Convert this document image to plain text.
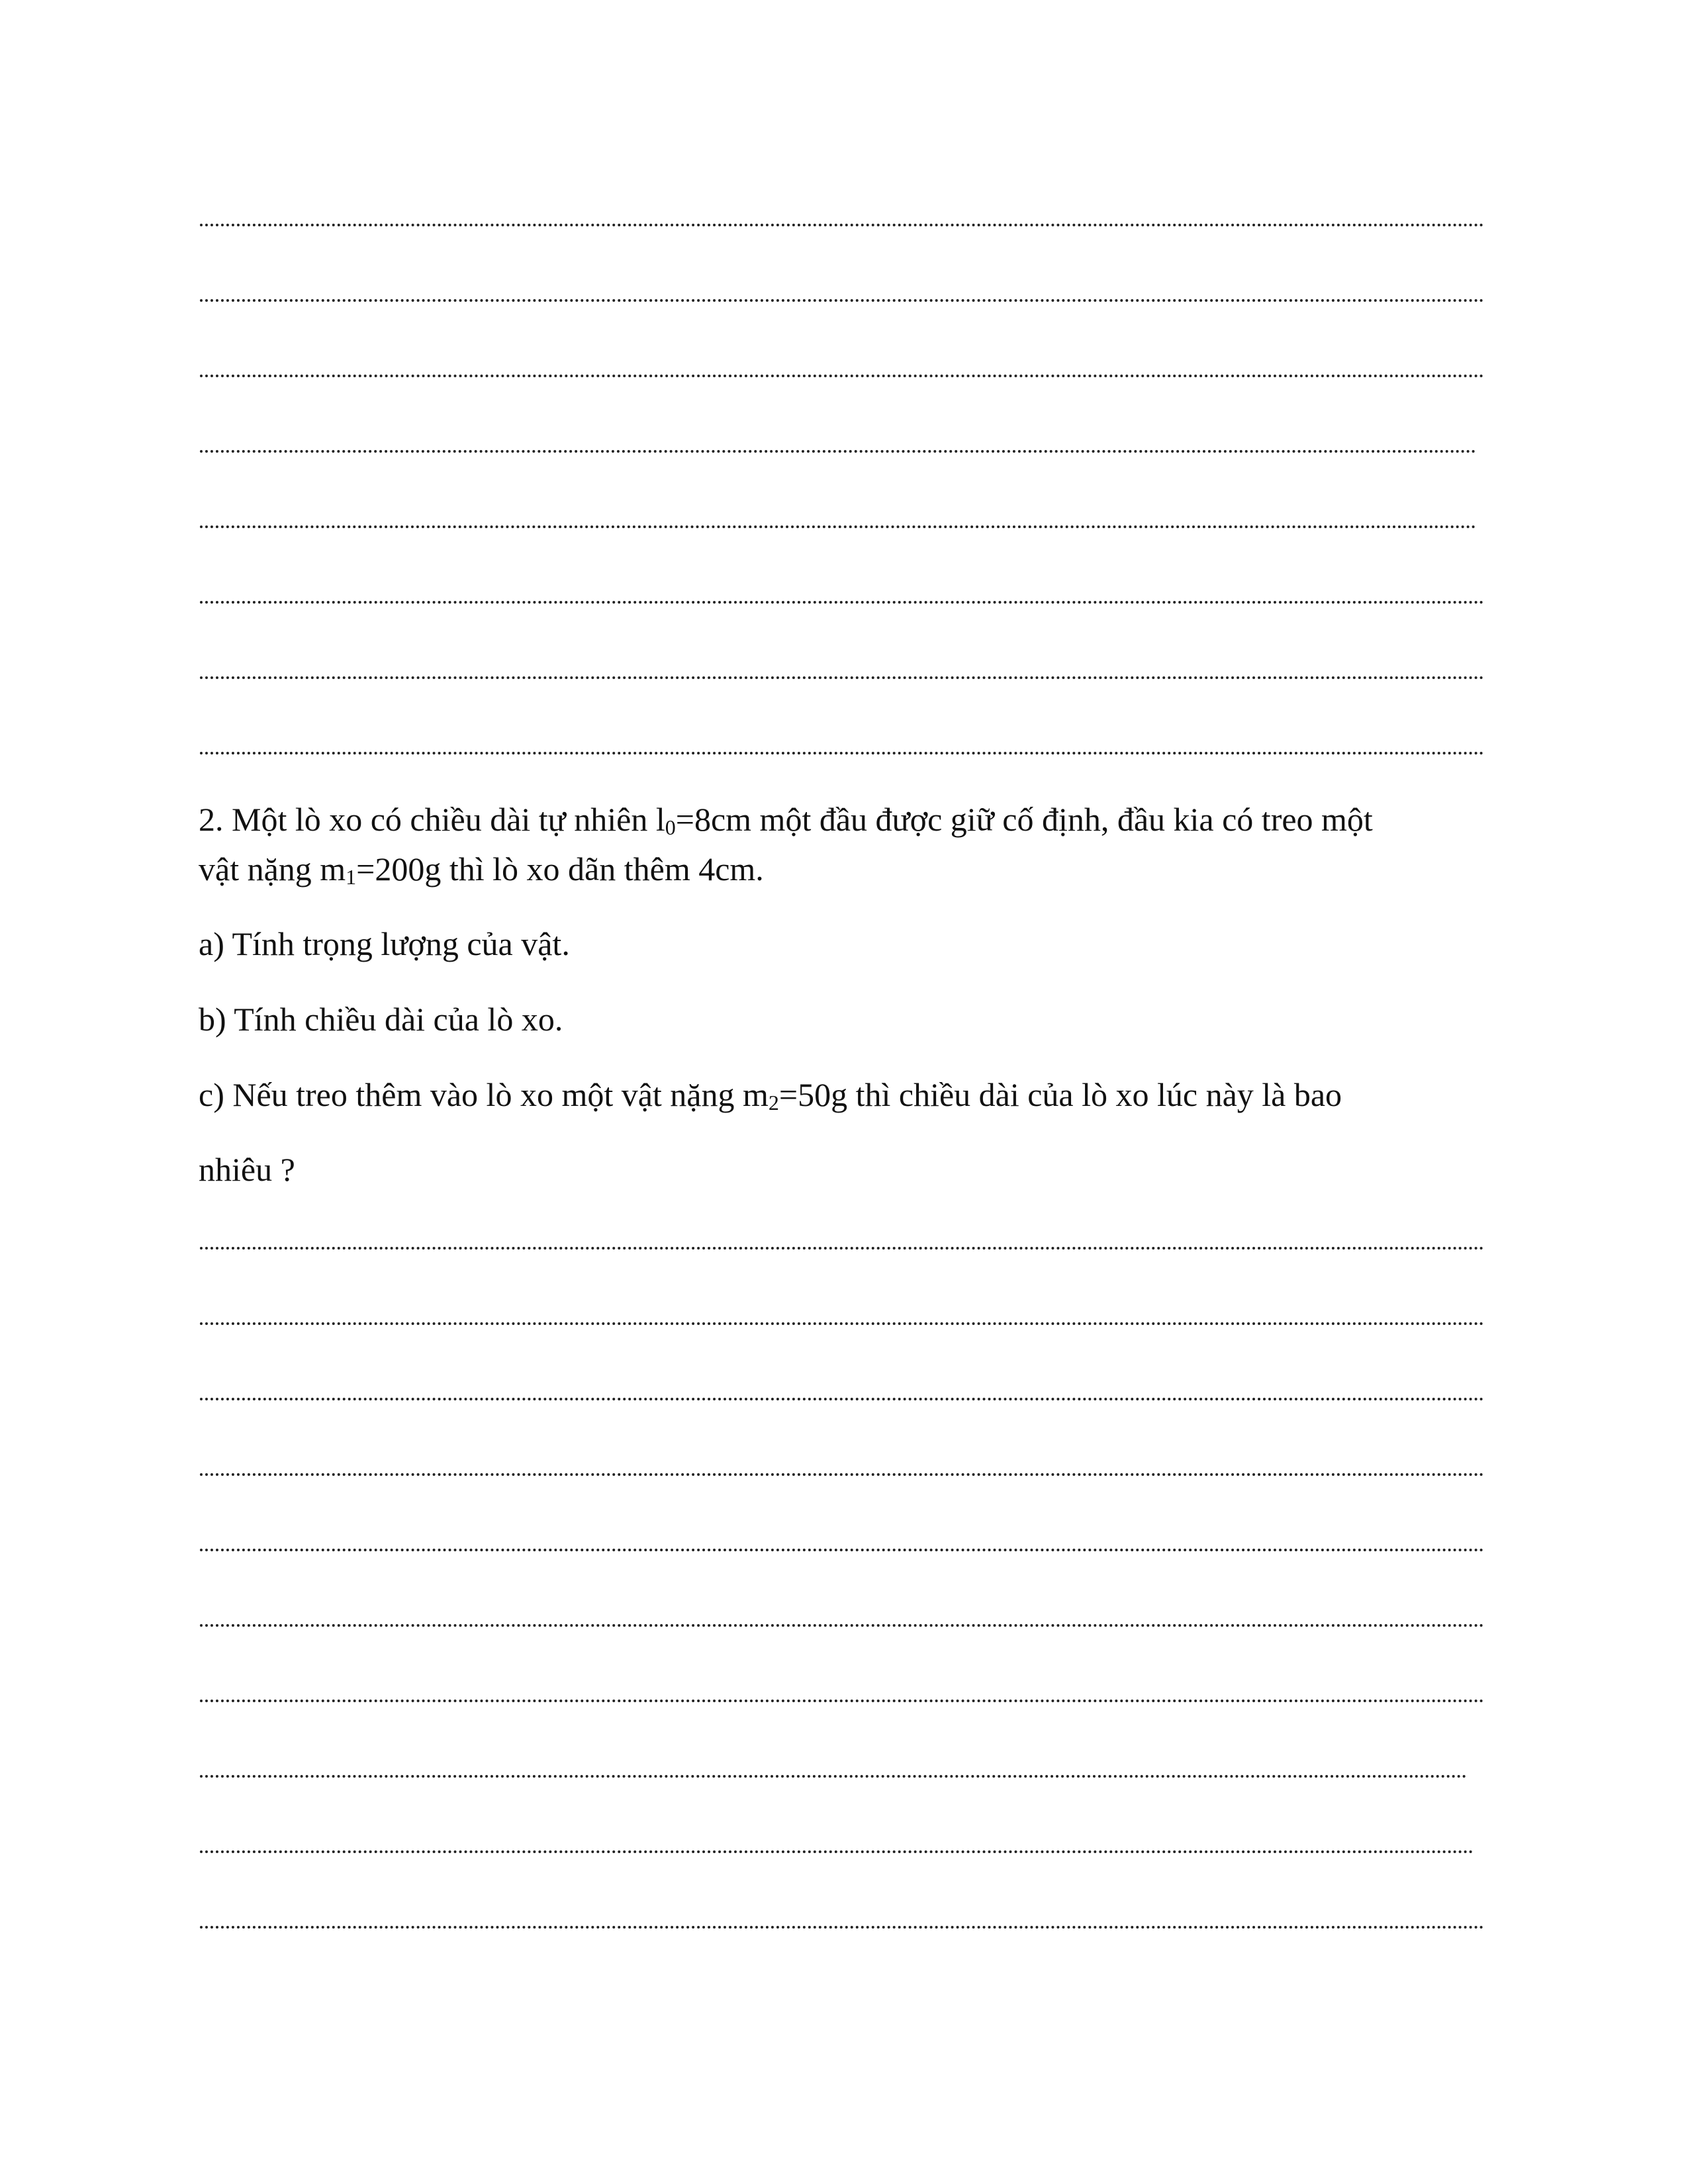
2. Một lò xo có chiều dài tự nhiên $l_0=8cm$ một đầu được giữ cố định, đầu kia có treo một
vật nặng $m_1=200g$ thì lò xo dãn thêm 4cm.
a) Tính trọng lượng của vật.
b) Tính chiều dài của lò xo.
c) Nếu treo thêm vào lò xo một vật nặng $m_2=50g$ thì chiều dài của lò xo lúc này là bao
nhiêu ?
